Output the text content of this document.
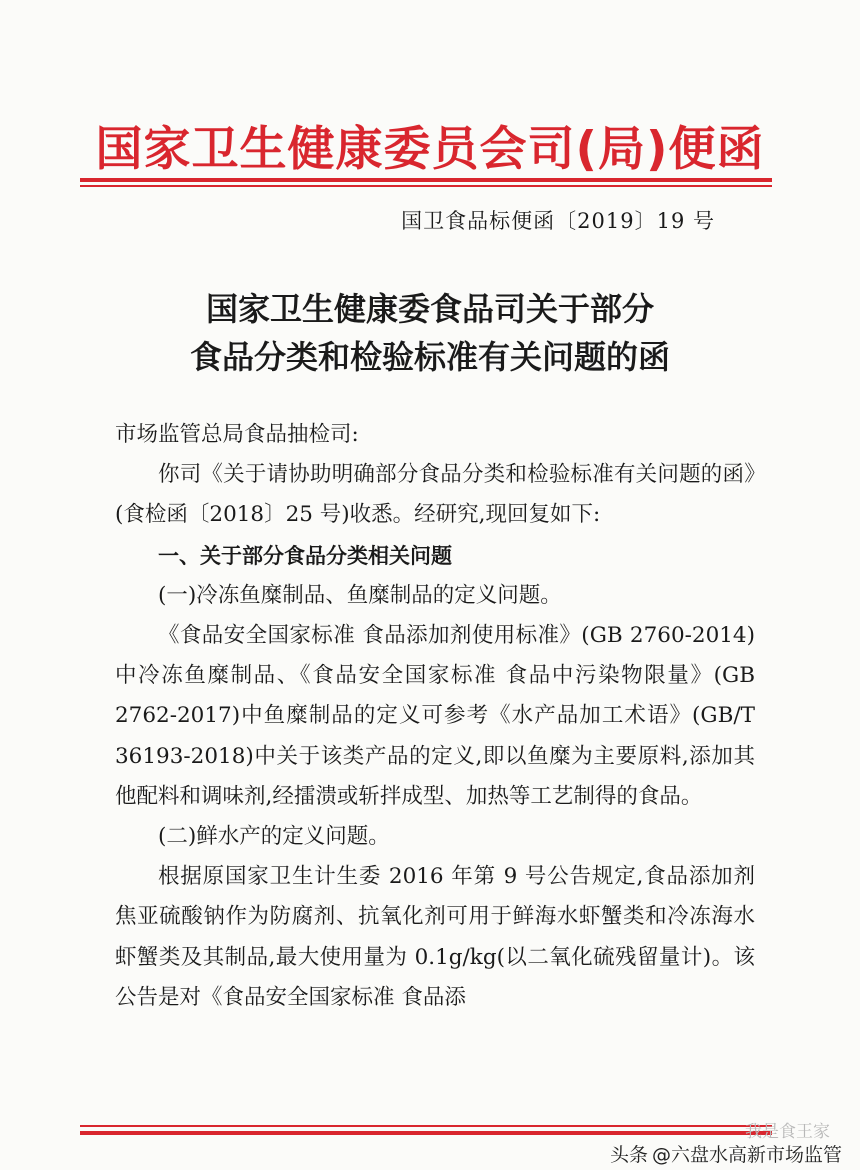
国家卫生健康委员会司(局)便函
国卫食品标便函〔2019〕19 号
国家卫生健康委食品司关于部分
食品分类和检验标准有关问题的函

市场监管总局食品抽检司:

你司《关于请协助明确部分食品分类和检验标准有关问题的函》(食检函〔2018〕25 号)收悉。经研究,现回复如下:

一、关于部分食品分类相关问题

(一)冷冻鱼糜制品、鱼糜制品的定义问题。

《食品安全国家标准 食品添加剂使用标准》(GB 2760-2014)中冷冻鱼糜制品、《食品安全国家标准 食品中污染物限量》(GB 2762-2017)中鱼糜制品的定义可参考《水产品加工术语》(GB/T 36193-2018)中关于该类产品的定义,即以鱼糜为主要原料,添加其他配料和调味剂,经擂溃或斩拌成型、加热等工艺制得的食品。

(二)鲜水产的定义问题。

根据原国家卫生计生委 2016 年第 9 号公告规定,食品添加剂焦亚硫酸钠作为防腐剂、抗氧化剂可用于鲜海水虾蟹类和冷冻海水虾蟹类及其制品,最大使用量为 0.1g/kg(以二氧化硫残留量计)。该公告是对《食品安全国家标准 食品添

我是食王家
头条 @六盘水高新市场监管
